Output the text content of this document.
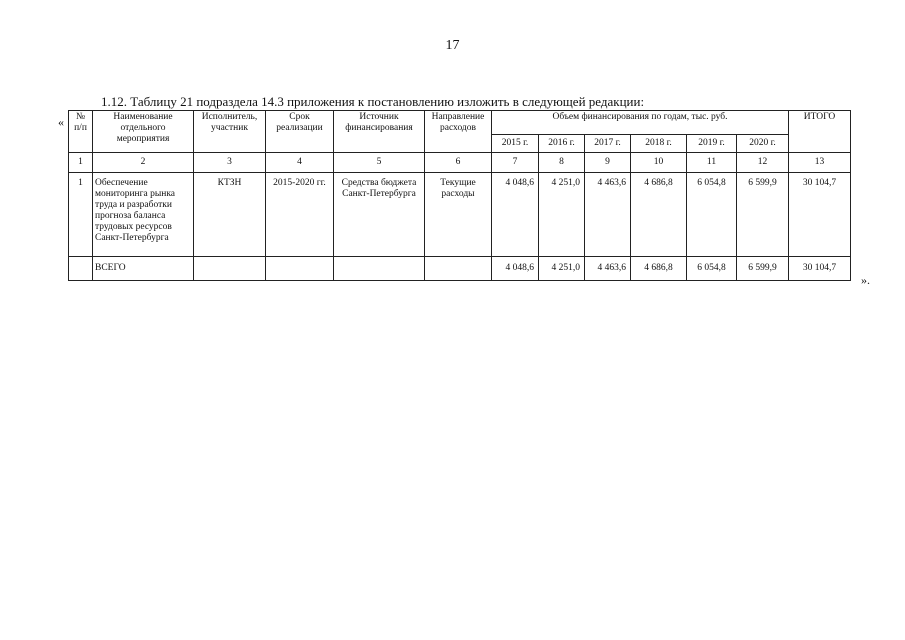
17
1.12. Таблицу 21 подраздела 14.3 приложения к постановлению изложить в следующей редакции:
« № п/п	Наименование отдельного мероприятия	Исполнитель, участник	Срок реализации	Источник финансирования	Направление расходов	Объем финансирования по годам, тыс. руб.						ИТОГО
						2015 г.	2016 г.	2017 г.	2018 г.	2019 г.	2020 г.	
1	2	3	4	5	6	7	8	9	10	11	12	13
1	Обеспечение мониторинга рынка труда и разработки прогноза баланса трудовых ресурсов Санкт-Петербурга	КТЗН	2015-2020 гг.	Средства бюджета Санкт-Петербурга	Текущие расходы	4 048,6	4 251,0	4 463,6	4 686,8	6 054,8	6 599,9	30 104,7
	ВСЕГО					4 048,6	4 251,0	4 463,6	4 686,8	6 054,8	6 599,9	30 104,7
».
